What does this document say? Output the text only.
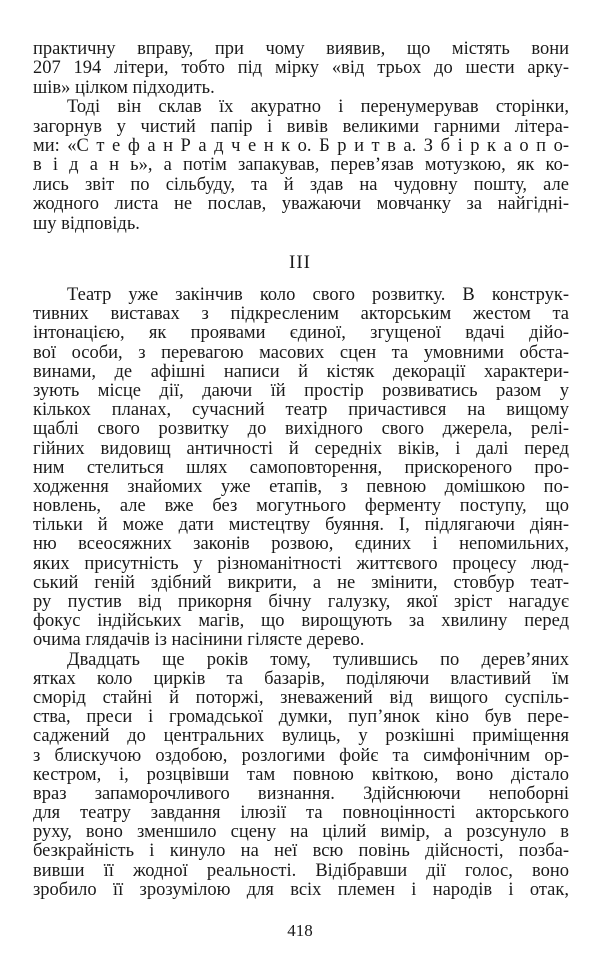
практичну вправу, при чому виявив, що містять вони
207 194 літери, тобто під мірку «від трьох до шести арку-
шів» цілком підходить.
Тоді він склав їх акуратно і перенумерував сторінки,
загорнув у чистий папір і вивів великими гарними літера-
ми: «С т е ф а н Р а д ч е н к о. Б р и т в а. З б і р к а о п о-
в і д а н ь», а потім запакував, перев’язав мотузкою, як ко-
лись звіт по сільбуду, та й здав на чудовну пошту, але
жодного листа не послав, уважаючи мовчанку за найгідні-
шу відповідь.
III
Театр уже закінчив коло свого розвитку. В конструк-
тивних виставах з підкресленим акторським жестом та
інтонацією, як проявами єдиної, згущеної вдачі дійо-
вої особи, з перевагою масових сцен та умовними обста-
винами, де афішні написи й кістяк декорації характери-
зують місце дії, даючи їй простір розвиватись разом у
кількох планах, сучасний театр причастився на вищому
щаблі свого розвитку до вихідного свого джерела, релі-
гійних видовищ античності й середніх віків, і далі перед
ним стелиться шлях самоповторення, прискореного про-
ходження знайомих уже етапів, з певною домішкою по-
новлень, але вже без могутнього ферменту поступу, що
тільки й може дати мистецтву буяння. І, підлягаючи діян-
ню всеосяжних законів розвою, єдиних і непомильних,
яких присутність у різноманітності життєвого процесу люд-
ський геній здібний викрити, а не змінити, стовбур теат-
ру пустив від прикорня бічну галузку, якої зріст нагадує
фокус індійських магів, що вирощують за хвилину перед
очима глядачів із насінини гілясте дерево.
Двадцать ще років тому, тулившись по дерев’яних
ятках коло цирків та базарів, поділяючи властивий їм
сморід стайні й поторжі, зневажений від вищого суспіль-
ства, преси і громадської думки, пуп’янок кіно був пере-
саджений до центральних вулиць, у розкішні приміщення
з блискучою оздобою, розлогими фойє та симфонічним ор-
кестром, і, розцвівши там повною квіткою, воно дістало
враз запаморочливого визнання. Здійснюючи непоборні
для театру завдання ілюзії та повноцінності акторського
руху, воно зменшило сцену на цілий вимір, а розсунуло в
безкрайність і кинуло на неї всю повінь дійсності, позба-
вивши її жодної реальності. Відібравши дії голос, воно
зробило її зрозумілою для всіх племен і народів і отак,
418
